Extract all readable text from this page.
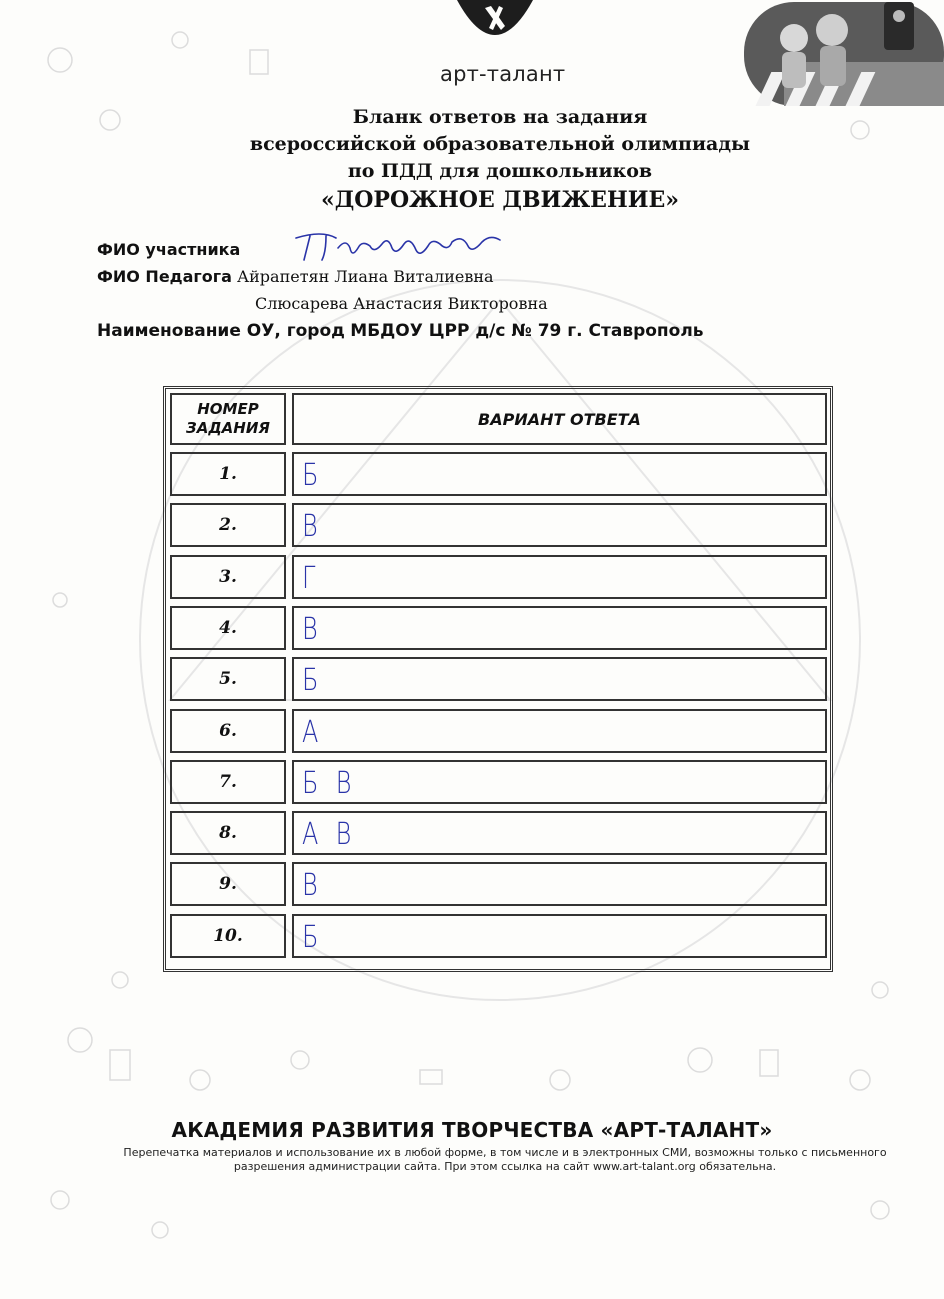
арт-талант
Бланк ответов на задания
всероссийской образовательной олимпиады
по ПДД для дошкольников
«ДОРОЖНОЕ ДВИЖЕНИЕ»
ФИО участника
ФИО Педагога Айрапетян Лиана Виталиевна
Слюсарева Анастасия Викторовна
Наименование ОУ, город МБДОУ ЦРР д/с № 79 г. Ставрополь
НОМЕР
ЗАДАНИЯ	ВАРИАНТ ОТВЕТА
1.	Б
2.	В
3.	Г
4.	В
5.	Б
6.	А
7.	Б В
8.	А В
9.	В
10.	Б
АКАДЕМИЯ РАЗВИТИЯ ТВОРЧЕСТВА «АРТ-ТАЛАНТ»
Перепечатка материалов и использование их в любой форме, в том числе и в электронных СМИ, возможны только с письменного
разрешения администрации сайта. При этом ссылка на сайт www.art-talant.org обязательна.
